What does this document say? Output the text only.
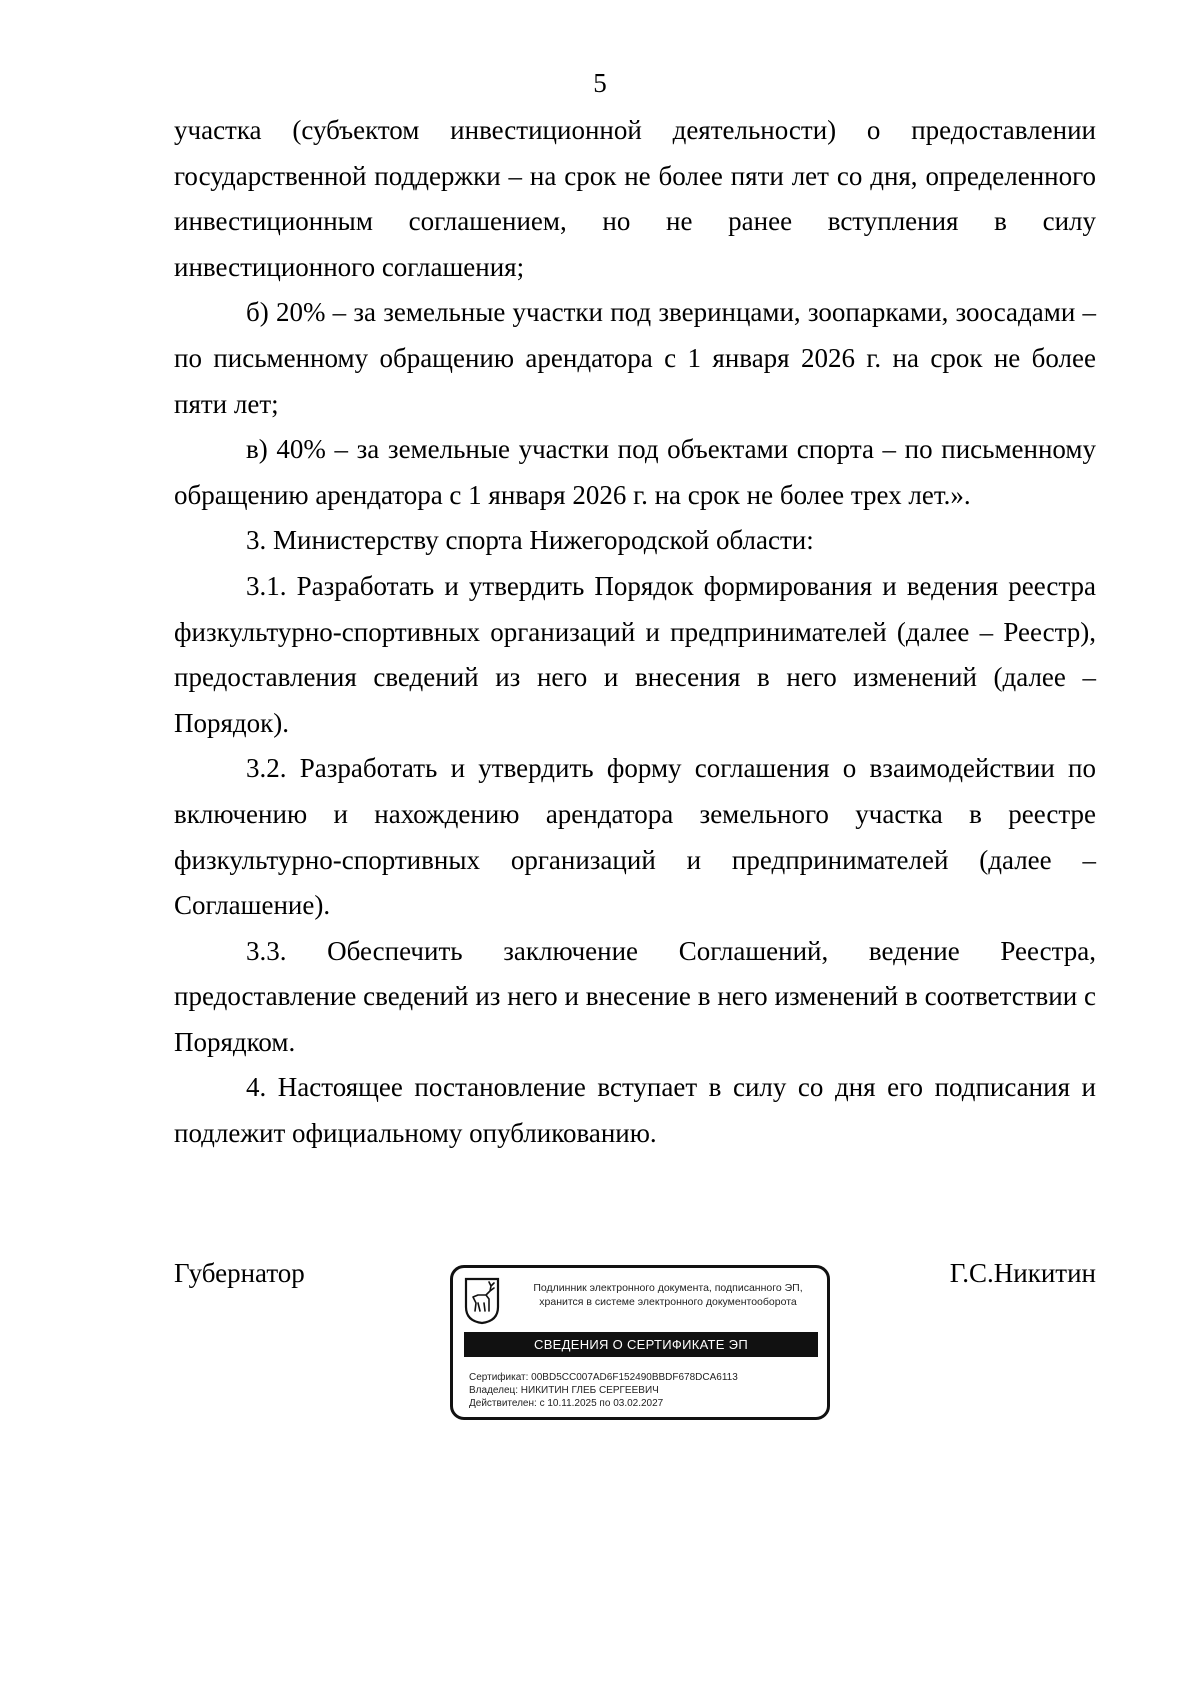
5

участка (субъектом инвестиционной деятельности) о предоставлении государственной поддержки – на срок не более пяти лет со дня, определенного инвестиционным соглашением, но не ранее вступления в силу инвестиционного соглашения;

б) 20% – за земельные участки под зверинцами, зоопарками, зоосадами – по письменному обращению арендатора с 1 января 2026 г. на срок не более пяти лет;

в) 40% – за земельные участки под объектами спорта – по письменному обращению арендатора с 1 января 2026 г. на срок не более трех лет.».

3. Министерству спорта Нижегородской области:

3.1. Разработать и утвердить Порядок формирования и ведения реестра физкультурно-спортивных организаций и предпринимателей (далее – Реестр), предоставления сведений из него и внесения в него изменений (далее – Порядок).

3.2. Разработать и утвердить форму соглашения о взаимодействии по включению и нахождению арендатора земельного участка в реестре физкультурно-спортивных организаций и предпринимателей (далее – Соглашение).

3.3. Обеспечить заключение Соглашений, ведение Реестра, предоставление сведений из него и внесение в него изменений в соответствии с Порядком.

4. Настоящее постановление вступает в силу со дня его подписания и подлежит официальному опубликованию.

Губернатор	Г.С.Никитин
Подлинник электронного документа, подписанного ЭП,
хранится в системе электронного документооборота
СВЕДЕНИЯ О СЕРТИФИКАТЕ ЭП
Сертификат: 00BD5CC007AD6F152490BBDF678DCA6113
Владелец: НИКИТИН ГЛЕБ СЕРГЕЕВИЧ
Действителен: с 10.11.2025 по 03.02.2027
